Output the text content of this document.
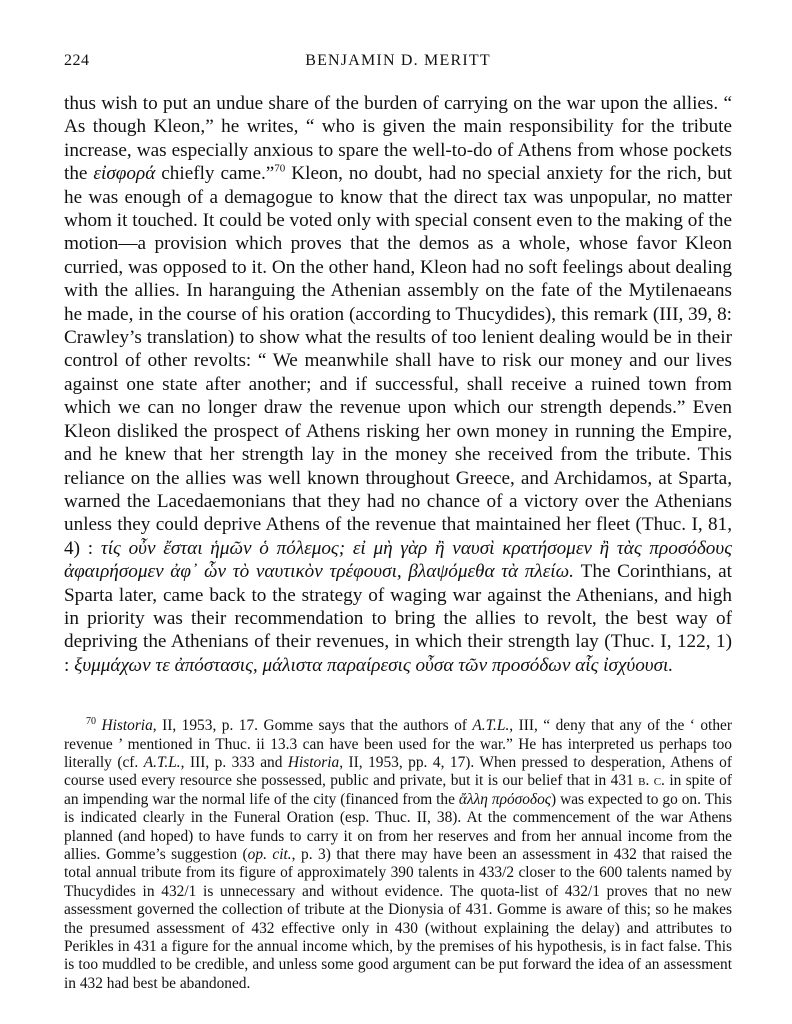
224	BENJAMIN D. MERITT

thus wish to put an undue share of the burden of carrying on the war upon the allies. “ As though Kleon,” he writes, “ who is given the main responsibility for the tribute increase, was especially anxious to spare the well-to-do of Athens from whose pockets the εἰσφορά chiefly came.”$^{70}$ Kleon, no doubt, had no special anxiety for the rich, but he was enough of a demagogue to know that the direct tax was unpopular, no matter whom it touched. It could be voted only with special consent even to the making of the motion—a provision which proves that the demos as a whole, whose favor Kleon curried, was opposed to it. On the other hand, Kleon had no soft feelings about dealing with the allies. In haranguing the Athenian assembly on the fate of the Mytilenaeans he made, in the course of his oration (according to Thucydides), this remark (III, 39, 8: Crawley’s translation) to show what the results of too lenient dealing would be in their control of other revolts: “ We meanwhile shall have to risk our money and our lives against one state after another; and if successful, shall receive a ruined town from which we can no longer draw the revenue upon which our strength depends.” Even Kleon disliked the prospect of Athens risking her own money in running the Empire, and he knew that her strength lay in the money she received from the tribute. This reliance on the allies was well known throughout Greece, and Archidamos, at Sparta, warned the Lacedaemonians that they had no chance of a victory over the Athenians unless they could deprive Athens of the revenue that maintained her fleet (Thuc. I, 81, 4) : τίς οὖν ἔσται ἡμῶν ὁ πόλεμος; εἰ μὴ γὰρ ἢ ναυσὶ κρατήσομεν ἢ τὰς προσόδους ἀφαιρήσομεν ἀφ᾽ ὧν τὸ ναυτικὸν τρέφουσι, βλαψόμεθα τὰ πλείω. The Corinthians, at Sparta later, came back to the strategy of waging war against the Athenians, and high in priority was their recommendation to bring the allies to revolt, the best way of depriving the Athenians of their revenues, in which their strength lay (Thuc. I, 122, 1) : ξυμμάχων τε ἀπόστασις, μάλιστα παραίρεσις οὖσα τῶν προσόδων αἷς ἰσχύουσι.

$^{70}$ Historia, II, 1953, p. 17. Gomme says that the authors of A.T.L., III, “ deny that any of the ‘ other revenue ’ mentioned in Thuc. ii 13.3 can have been used for the war.” He has interpreted us perhaps too literally (cf. A.T.L., III, p. 333 and Historia, II, 1953, pp. 4, 17). When pressed to desperation, Athens of course used every resource she possessed, public and private, but it is our belief that in 431 b. c. in spite of an impending war the normal life of the city (financed from the ἄλλη πρόσοδος) was expected to go on. This is indicated clearly in the Funeral Oration (esp. Thuc. II, 38). At the commencement of the war Athens planned (and hoped) to have funds to carry it on from her reserves and from her annual income from the allies. Gomme’s suggestion (op. cit., p. 3) that there may have been an assessment in 432 that raised the total annual tribute from its figure of approximately 390 talents in 433/2 closer to the 600 talents named by Thucydides in 432/1 is unnecessary and without evidence. The quota-list of 432/1 proves that no new assessment governed the collection of tribute at the Dionysia of 431. Gomme is aware of this; so he makes the presumed assessment of 432 effective only in 430 (without explaining the delay) and attributes to Perikles in 431 a figure for the annual income which, by the premises of his hypothesis, is in fact false. This is too muddled to be credible, and unless some good argument can be put forward the idea of an assessment in 432 had best be abandoned.
